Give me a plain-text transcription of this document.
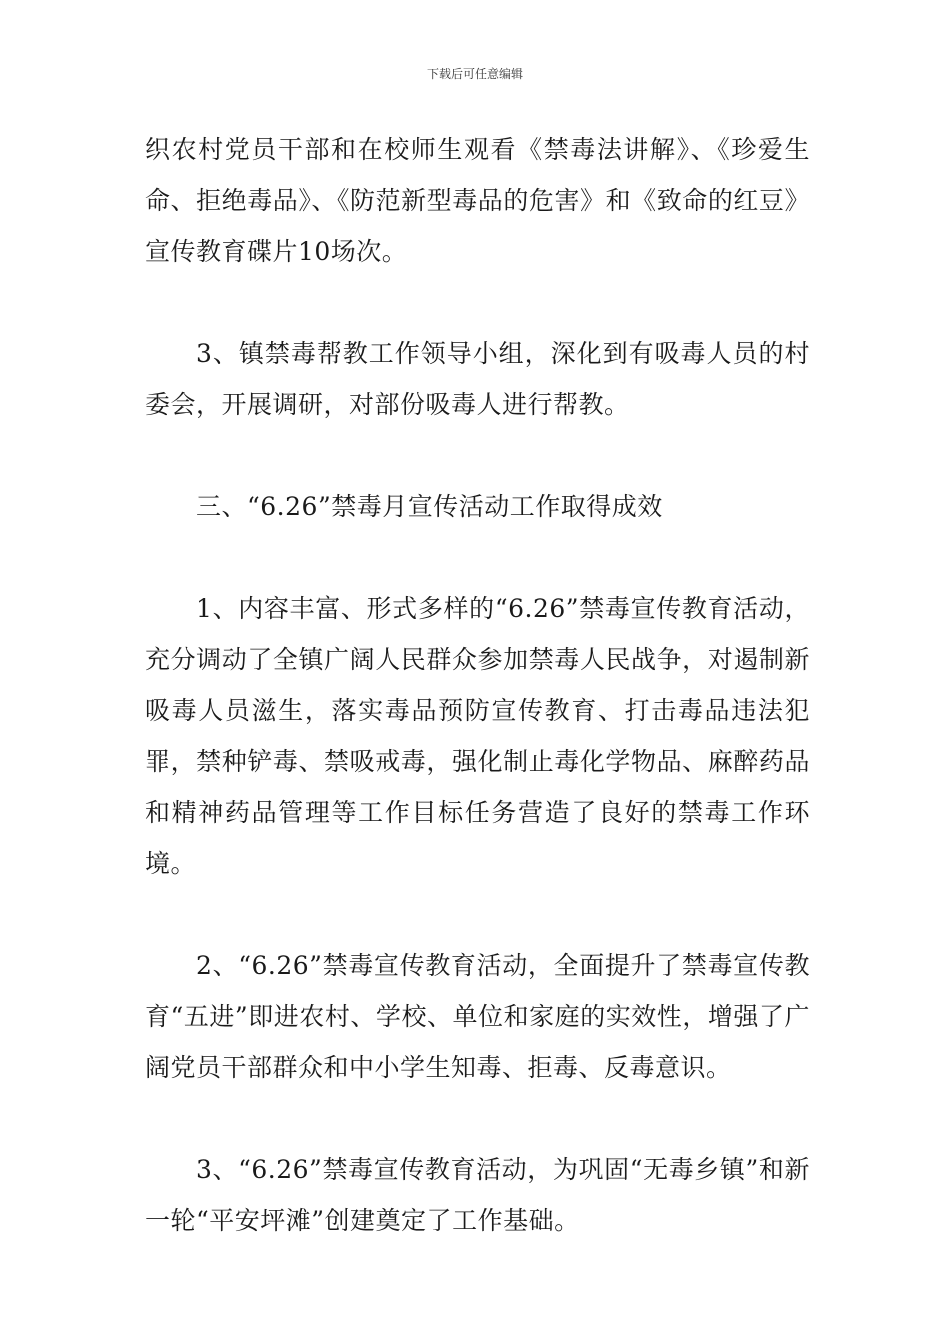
下载后可任意编辑

织农村党员干部和在校师生观看《禁毒法讲解》、《珍爱生命、拒绝毒品》、《防范新型毒品的危害》和《致命的红豆》宣传教育碟片10场次。

3、镇禁毒帮教工作领导小组，深化到有吸毒人员的村委会，开展调研，对部份吸毒人进行帮教。

三、“6.26”禁毒月宣传活动工作取得成效

1、内容丰富、形式多样的“6.26”禁毒宣传教育活动，充分调动了全镇广阔人民群众参加禁毒人民战争，对遏制新吸毒人员滋生，落实毒品预防宣传教育、打击毒品违法犯罪，禁种铲毒、禁吸戒毒，强化制止毒化学物品、麻醉药品和精神药品管理等工作目标任务营造了良好的禁毒工作环境。

2、“6.26”禁毒宣传教育活动，全面提升了禁毒宣传教育“五进”即进农村、学校、单位和家庭的实效性，增强了广阔党员干部群众和中小学生知毒、拒毒、反毒意识。

3、“6.26”禁毒宣传教育活动，为巩固“无毒乡镇”和新一轮“平安坪滩”创建奠定了工作基础。
